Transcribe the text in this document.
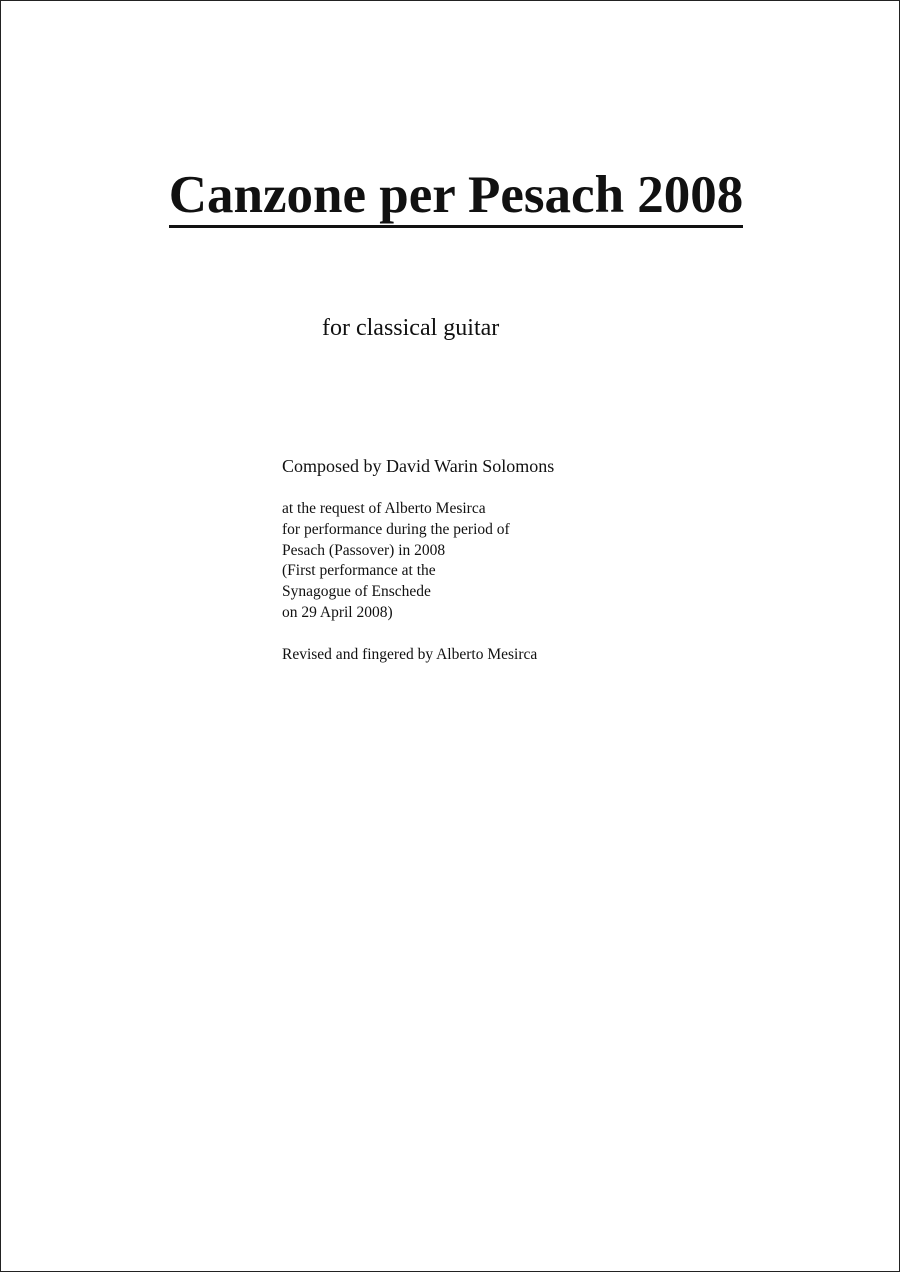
Canzone per Pesach 2008

for classical guitar

Composed by David Warin Solomons

at the request of Alberto Mesirca
for performance during the period of
Pesach (Passover) in 2008
(First performance at the
Synagogue of Enschede
on 29 April 2008)

Revised and fingered by Alberto Mesirca
